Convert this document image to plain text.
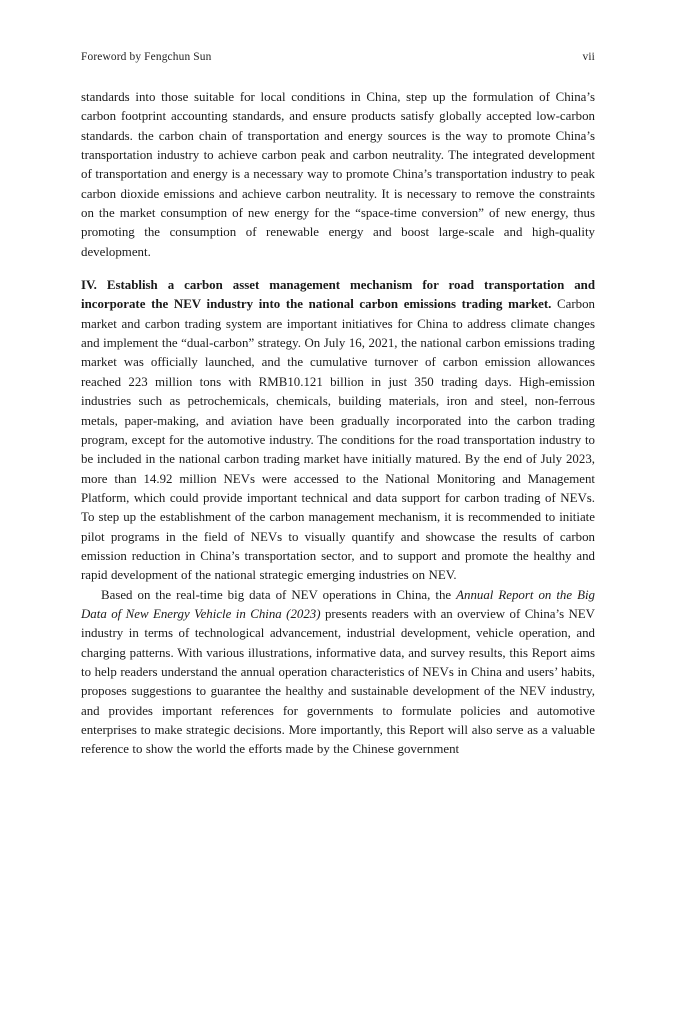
Foreword by Fengchun Sun	vii

standards into those suitable for local conditions in China, step up the formulation of China’s carbon footprint accounting standards, and ensure products satisfy globally accepted low-carbon standards. the carbon chain of transportation and energy sources is the way to promote China’s transportation industry to achieve carbon peak and carbon neutrality. The integrated development of transportation and energy is a necessary way to promote China’s transportation industry to peak carbon dioxide emissions and achieve carbon neutrality. It is necessary to remove the constraints on the market consumption of new energy for the “space-time conversion” of new energy, thus promoting the consumption of renewable energy and boost large-scale and high-quality development.

IV. Establish a carbon asset management mechanism for road transportation and incorporate the NEV industry into the national carbon emissions trading market. Carbon market and carbon trading system are important initiatives for China to address climate changes and implement the “dual-carbon” strategy. On July 16, 2021, the national carbon emissions trading market was officially launched, and the cumulative turnover of carbon emission allowances reached 223 million tons with RMB10.121 billion in just 350 trading days. High-emission industries such as petrochemicals, chemicals, building materials, iron and steel, non-ferrous metals, paper-making, and aviation have been gradually incorporated into the carbon trading program, except for the automotive industry. The conditions for the road transportation industry to be included in the national carbon trading market have initially matured. By the end of July 2023, more than 14.92 million NEVs were accessed to the National Monitoring and Management Platform, which could provide important technical and data support for carbon trading of NEVs. To step up the establishment of the carbon management mechanism, it is recommended to initiate pilot programs in the field of NEVs to visually quantify and showcase the results of carbon emission reduction in China’s transportation sector, and to support and promote the healthy and rapid development of the national strategic emerging industries on NEV.

Based on the real-time big data of NEV operations in China, the Annual Report on the Big Data of New Energy Vehicle in China (2023) presents readers with an overview of China’s NEV industry in terms of technological advancement, industrial development, vehicle operation, and charging patterns. With various illustrations, informative data, and survey results, this Report aims to help readers understand the annual operation characteristics of NEVs in China and users’ habits, proposes suggestions to guarantee the healthy and sustainable development of the NEV industry, and provides important references for governments to formulate policies and automotive enterprises to make strategic decisions. More importantly, this Report will also serve as a valuable reference to show the world the efforts made by the Chinese government
